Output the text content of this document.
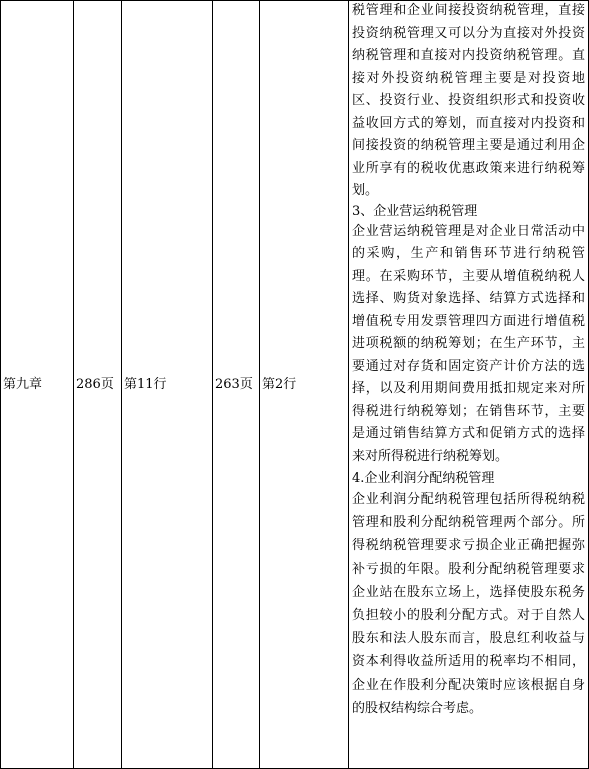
第九章	286页	第11行	263页	第2行	

税管理和企业间接投资纳税管理，直接投资纳税管理又可以分为直接对外投资纳税管理和直接对内投资纳税管理。直接对外投资纳税管理主要是对投资地区、投资行业、投资组织形式和投资收益收回方式的筹划，而直接对内投资和间接投资的纳税管理主要是通过利用企业所享有的税收优惠政策来进行纳税筹划。

3、企业营运纳税管理

企业营运纳税管理是对企业日常活动中的采购，生产和销售环节进行纳税管理。在采购环节，主要从增值税纳税人选择、购货对象选择、结算方式选择和增值税专用发票管理四方面进行增值税进项税额的纳税筹划；在生产环节，主要通过对存货和固定资产计价方法的选择，以及利用期间费用抵扣规定来对所得税进行纳税筹划；在销售环节，主要是通过销售结算方式和促销方式的选择来对所得税进行纳税筹划。

4.企业利润分配纳税管理

企业利润分配纳税管理包括所得税纳税管理和股利分配纳税管理两个部分。所得税纳税管理要求亏损企业正确把握弥补亏损的年限。股利分配纳税管理要求企业站在股东立场上，选择使股东税务负担较小的股利分配方式。对于自然人股东和法人股东而言，股息红利收益与资本利得收益所适用的税率均不相同，企业在作股利分配决策时应该根据自身的股权结构综合考虑。
